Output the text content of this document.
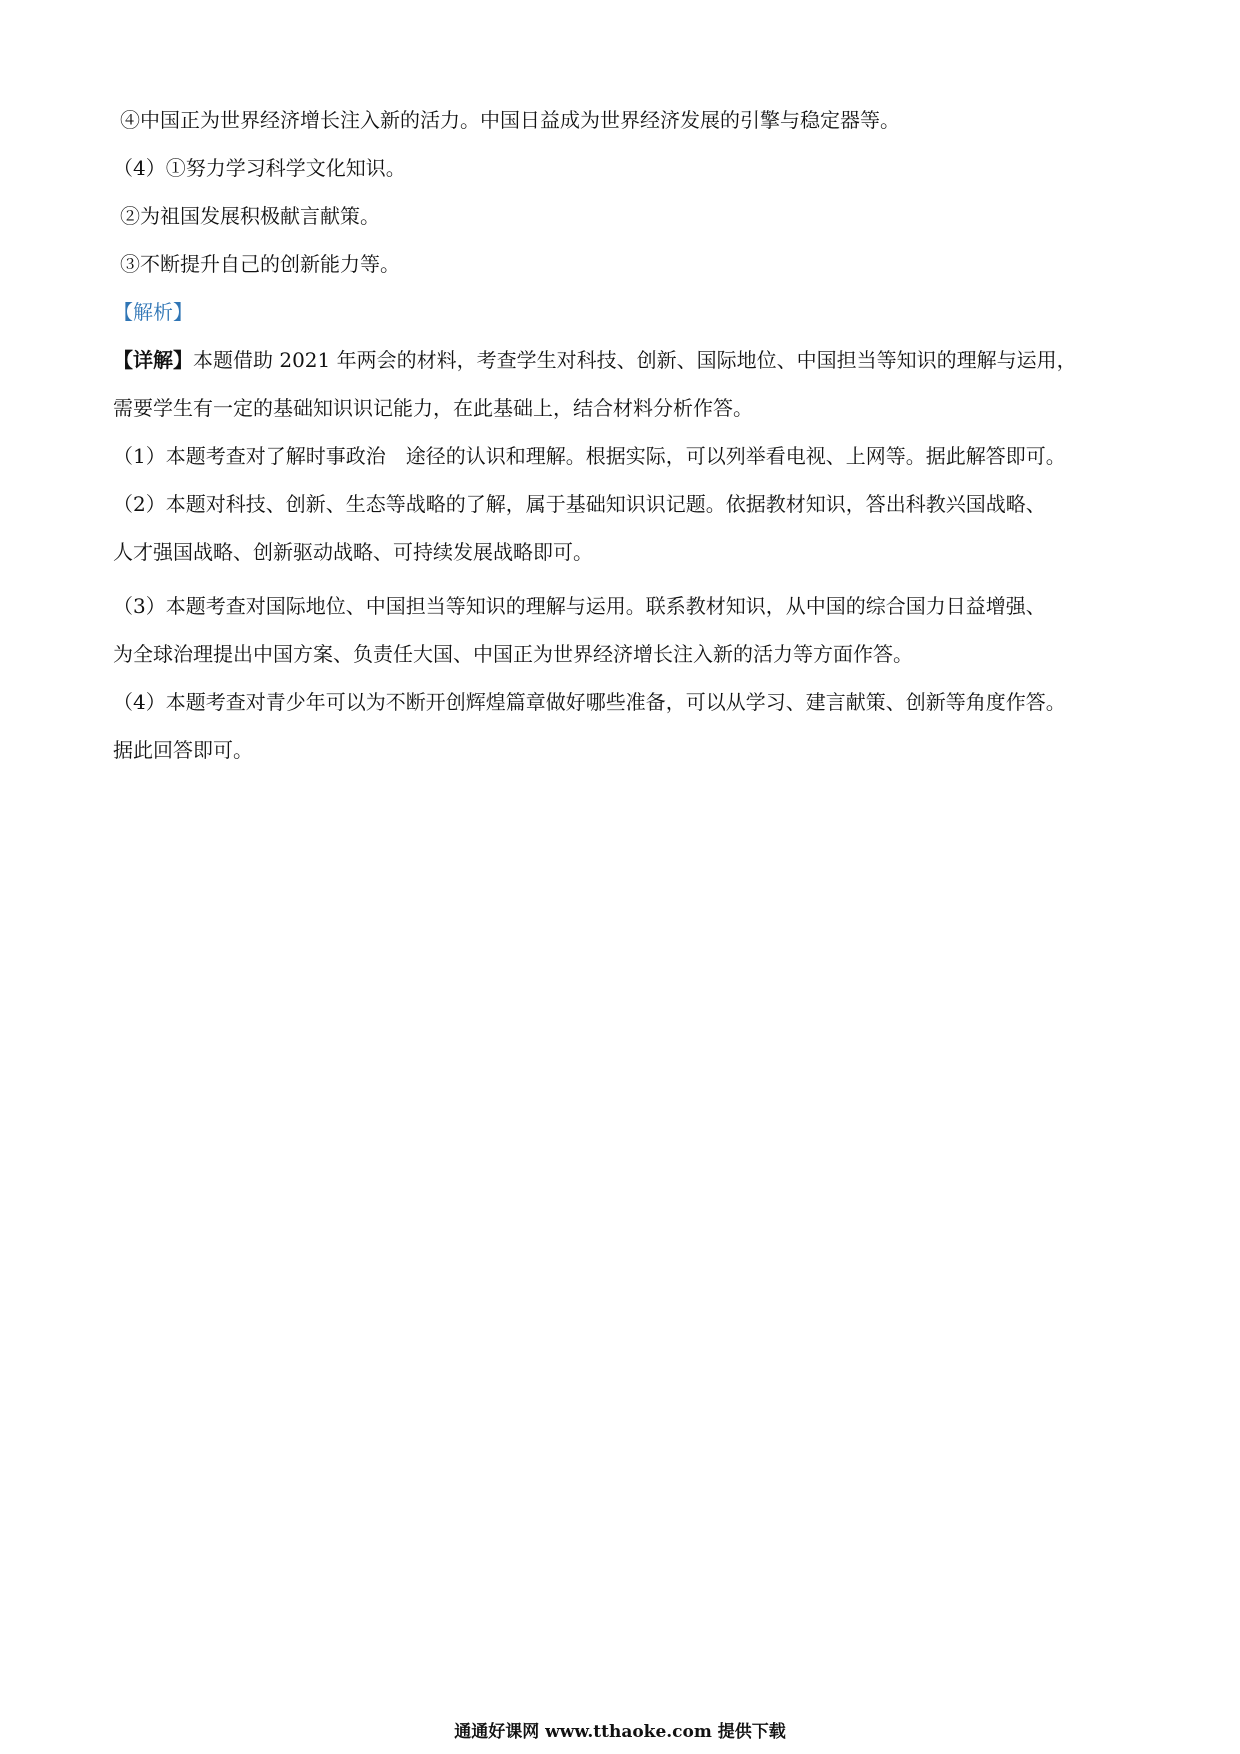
④中国正为世界经济增长注入新的活力。中国日益成为世界经济发展的引擎与稳定器等。
（4）①努力学习科学文化知识。
②为祖国发展积极献言献策。
③不断提升自己的创新能力等。
【解析】
【详解】本题借助 2021 年两会的材料，考查学生对科技、创新、国际地位、中国担当等知识的理解与运用，
需要学生有一定的基础知识识记能力，在此基础上，结合材料分析作答。
（1）本题考查对了解时事政治　途径的认识和理解。根据实际，可以列举看电视、上网等。据此解答即可。
（2）本题对科技、创新、生态等战略的了解，属于基础知识识记题。依据教材知识，答出科教兴国战略、
人才强国战略、创新驱动战略、可持续发展战略即可。
（3）本题考查对国际地位、中国担当等知识的理解与运用。联系教材知识，从中国的综合国力日益增强、
为全球治理提出中国方案、负责任大国、中国正为世界经济增长注入新的活力等方面作答。
（4）本题考查对青少年可以为不断开创辉煌篇章做好哪些准备，可以从学习、建言献策、创新等角度作答。
据此回答即可。
通通好课网 www.tthaoke.com 提供下载
